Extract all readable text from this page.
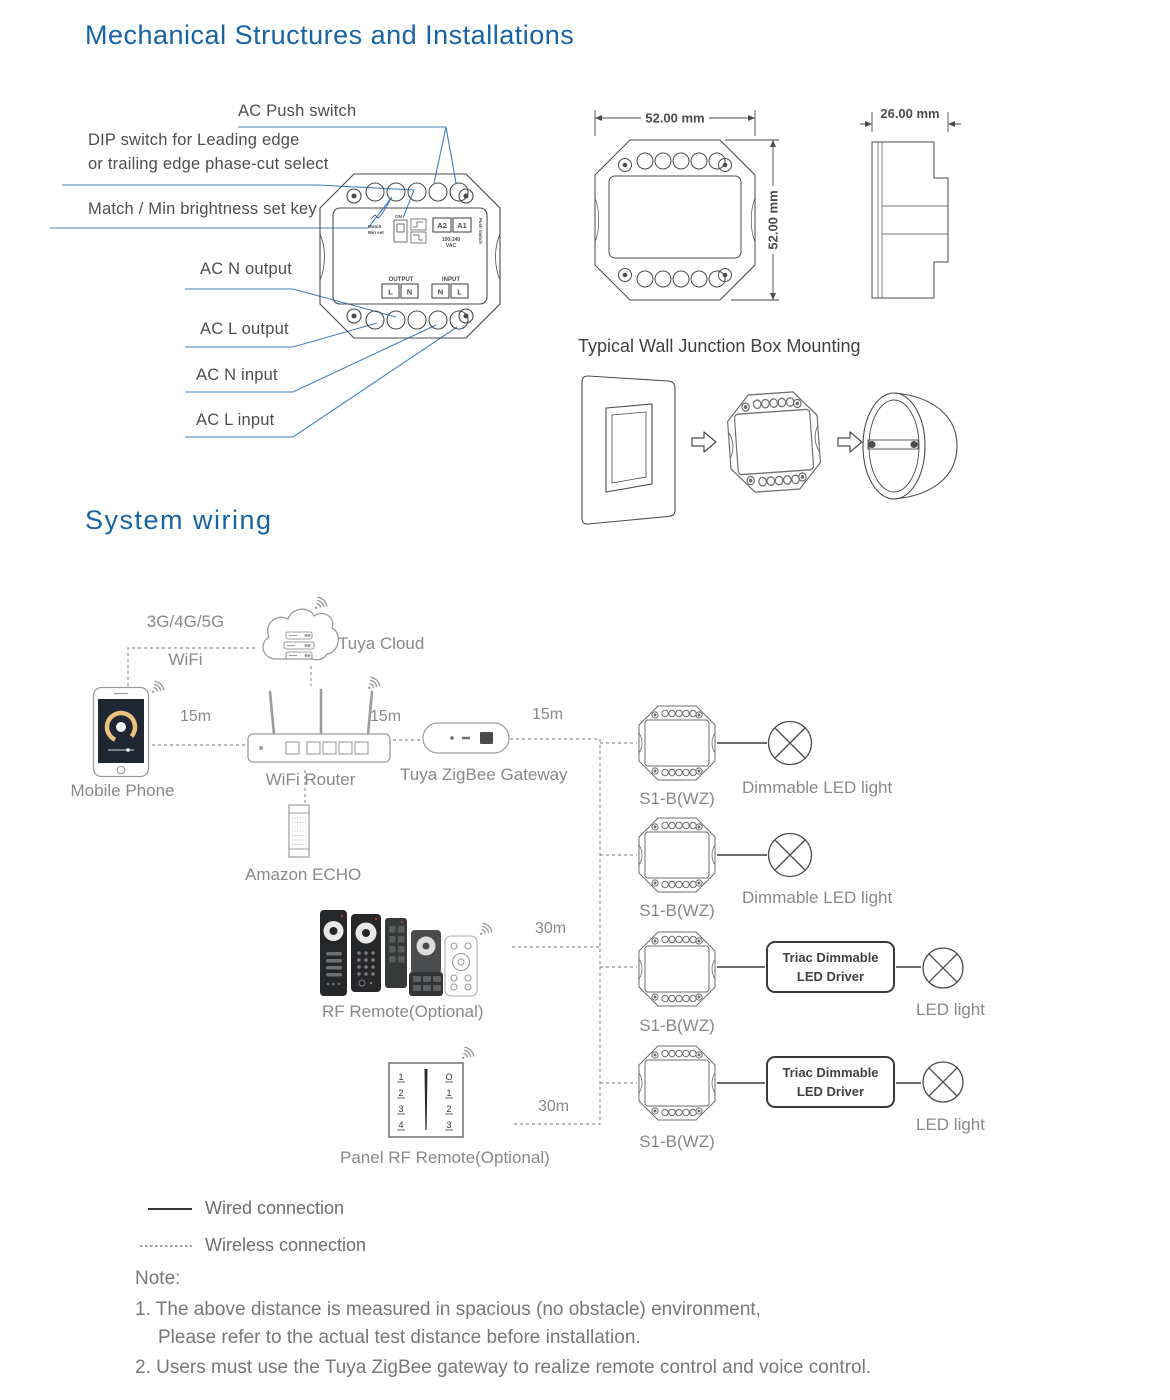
Mechanical Structures and Installations
AC Push switch
DIP switch for Leading edge
or trailing edge phase-cut select
Match / Min brightness set key
AC N output
AC L output
AC N input
AC L input
Match
Min set
ON
A2 A1
100-240
VAC
Push Switch
OUTPUT
L N
INPUT
N L
52.00 mm
52.00 mm
26.00 mm
Typical Wall Junction Box Mounting
System wiring
3G/4G/5G
WiFi
Tuya Cloud
Mobile Phone
WiFi Router	Tuya ZigBee Gateway
Amazon ECHO
RF Remote(Optional)
1
2
3
4
O
1
2
3
Panel RF Remote(Optional)
15m	15m	15m
30m
30m
S1-B(WZ)
S1-B(WZ)
S1-B(WZ)
S1-B(WZ)
Triac Dimmable
LED Driver
Triac Dimmable
LED Driver
Dimmable LED light
Dimmable LED light
LED light
LED light
Wired connection
Wireless connection
Note:
1. The above distance is measured in spacious (no obstacle) environment,
Please refer to the actual test distance before installation.
2. Users must use the Tuya ZigBee gateway to realize remote control and voice control.
